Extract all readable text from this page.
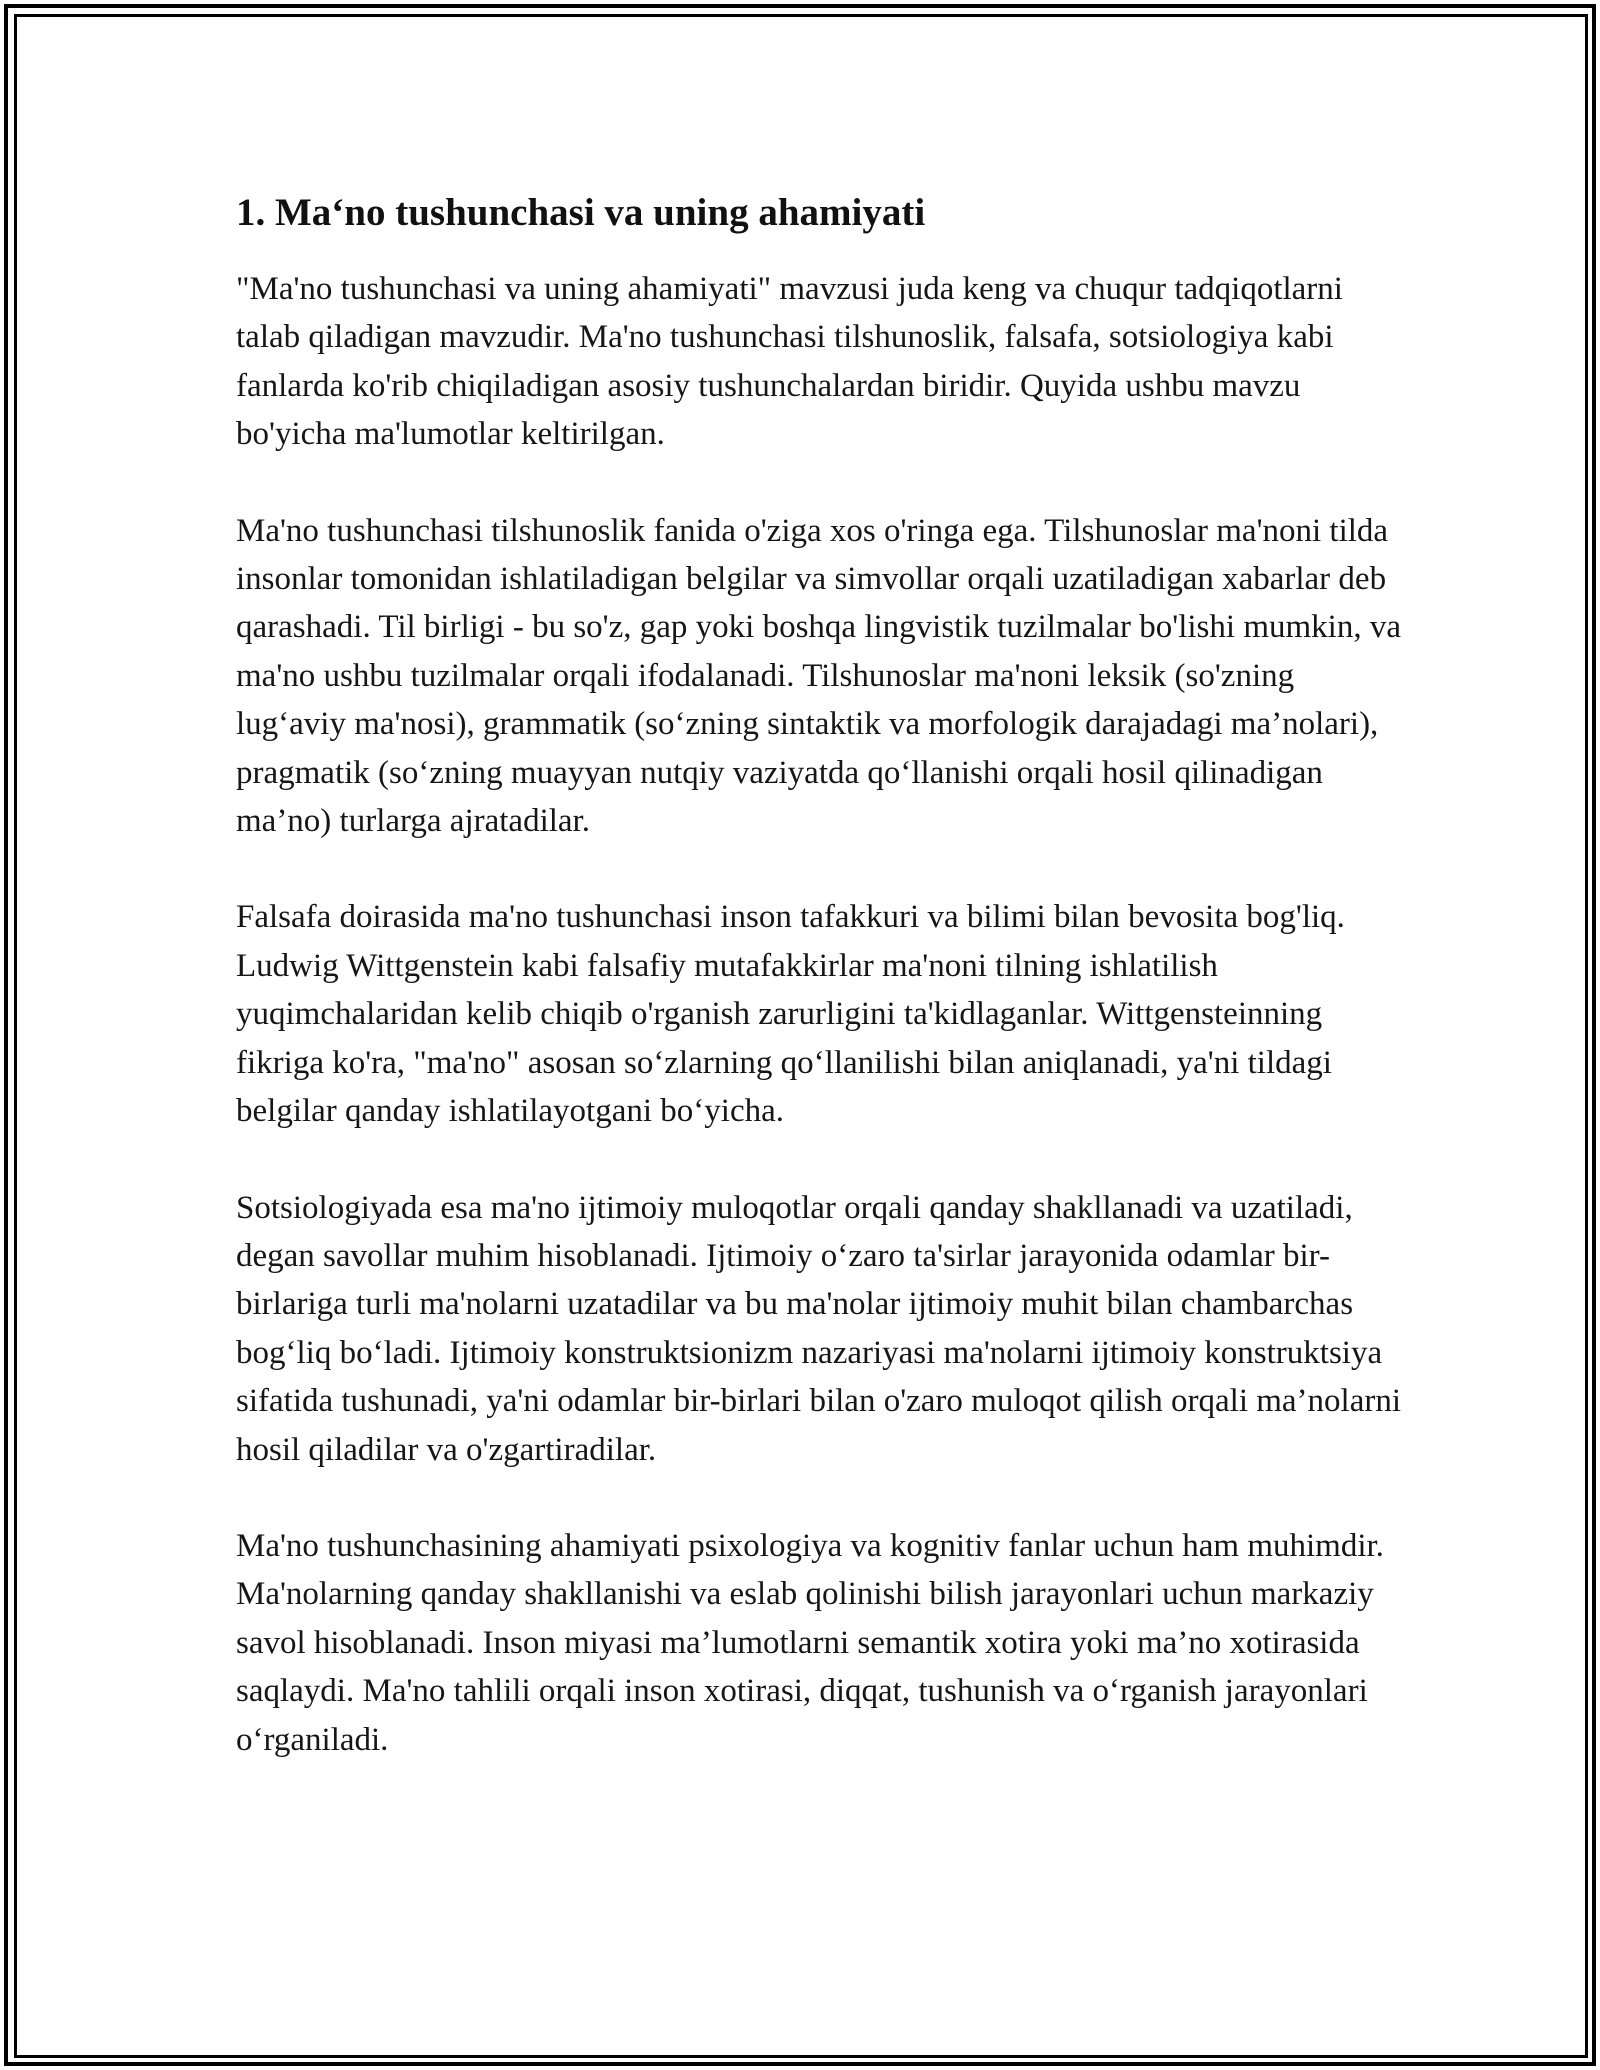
1. Ma‘no tushunchasi va uning ahamiyati

"Ma'no tushunchasi va uning ahamiyati" mavzusi juda keng va chuqur tadqiqotlarni talab qiladigan mavzudir. Ma'no tushunchasi tilshunoslik, falsafa, sotsiologiya kabi fanlarda ko'rib chiqiladigan asosiy tushunchalardan biridir. Quyida ushbu mavzu bo'yicha ma'lumotlar keltirilgan.

Ma'no tushunchasi tilshunoslik fanida o'ziga xos o'ringa ega. Tilshunoslar ma'noni tilda insonlar tomonidan ishlatiladigan belgilar va simvollar orqali uzatiladigan xabarlar deb qarashadi. Til birligi - bu so'z, gap yoki boshqa lingvistik tuzilmalar bo'lishi mumkin, va ma'no ushbu tuzilmalar orqali ifodalanadi. Tilshunoslar ma'noni leksik (so'zning lug‘aviy ma'nosi), grammatik (so‘zning sintaktik va morfologik darajadagi ma’nolari), pragmatik (so‘zning muayyan nutqiy vaziyatda qo‘llanishi orqali hosil qilinadigan ma’no) turlarga ajratadilar.

Falsafa doirasida ma'no tushunchasi inson tafakkuri va bilimi bilan bevosita bog'liq. Ludwig Wittgenstein kabi falsafiy mutafakkirlar ma'noni tilning ishlatilish yuqimchalaridan kelib chiqib o'rganish zarurligini ta'kidlaganlar. Wittgensteinning fikriga ko'ra, "ma'no" asosan so‘zlarning qo‘llanilishi bilan aniqlanadi, ya'ni tildagi belgilar qanday ishlatilayotgani bo‘yicha.

Sotsiologiyada esa ma'no ijtimoiy muloqotlar orqali qanday shakllanadi va uzatiladi, degan savollar muhim hisoblanadi. Ijtimoiy o‘zaro ta'sirlar jarayonida odamlar bir-birlariga turli ma'nolarni uzatadilar va bu ma'nolar ijtimoiy muhit bilan chambarchas bog‘liq bo‘ladi. Ijtimoiy konstruktsionizm nazariyasi ma'nolarni ijtimoiy konstruktsiya sifatida tushunadi, ya'ni odamlar bir-birlari bilan o'zaro muloqot qilish orqali ma’nolarni hosil qiladilar va o'zgartiradilar.

Ma'no tushunchasining ahamiyati psixologiya va kognitiv fanlar uchun ham muhimdir. Ma'nolarning qanday shakllanishi va eslab qolinishi bilish jarayonlari uchun markaziy savol hisoblanadi. Inson miyasi ma’lumotlarni semantik xotira yoki ma’no xotirasida saqlaydi. Ma'no tahlili orqali inson xotirasi, diqqat, tushunish va o‘rganish jarayonlari o‘rganiladi.
